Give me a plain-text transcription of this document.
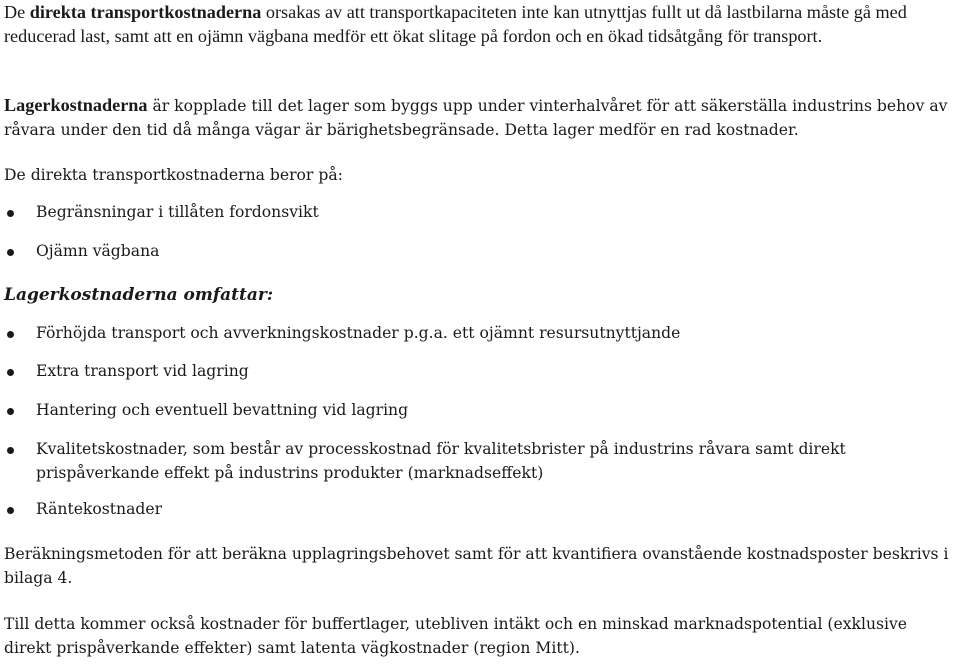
De direkta transportkostnaderna orsakas av att transportkapaciteten inte kan utnyttjas fullt ut då lastbilarna måste gå med reducerad last, samt att en ojämn vägbana medför ett ökat slitage på fordon och en ökad tidsåtgång för transport.

Lagerkostnaderna är kopplade till det lager som byggs upp under vinterhalvåret för att säkerställa industrins behov av råvara under den tid då många vägar är bärighetsbegränsade. Detta lager medför en rad kostnader.

De direkta transportkostnaderna beror på:

Begränsningar i tillåten fordonsvikt
Ojämn vägbana
Lagerkostnaderna omfattar:
Förhöjda transport och avverkningskostnader p.g.a. ett ojämnt resursutnyttjande
Extra transport vid lagring
Hantering och eventuell bevattning vid lagring
Kvalitetskostnader, som består av processkostnad för kvalitetsbrister på industrins råvara samt direkt prispåverkande effekt på industrins produkter (marknadseffekt)
Räntekostnader

Beräkningsmetoden för att beräkna upplagringsbehovet samt för att kvantifiera ovanstående kostnadsposter beskrivs i bilaga 4.

Till detta kommer också kostnader för buffertlager, utebliven intäkt och en minskad marknadspotential (exklusive direkt prispåverkande effekter) samt latenta vägkostnader (region Mitt).
